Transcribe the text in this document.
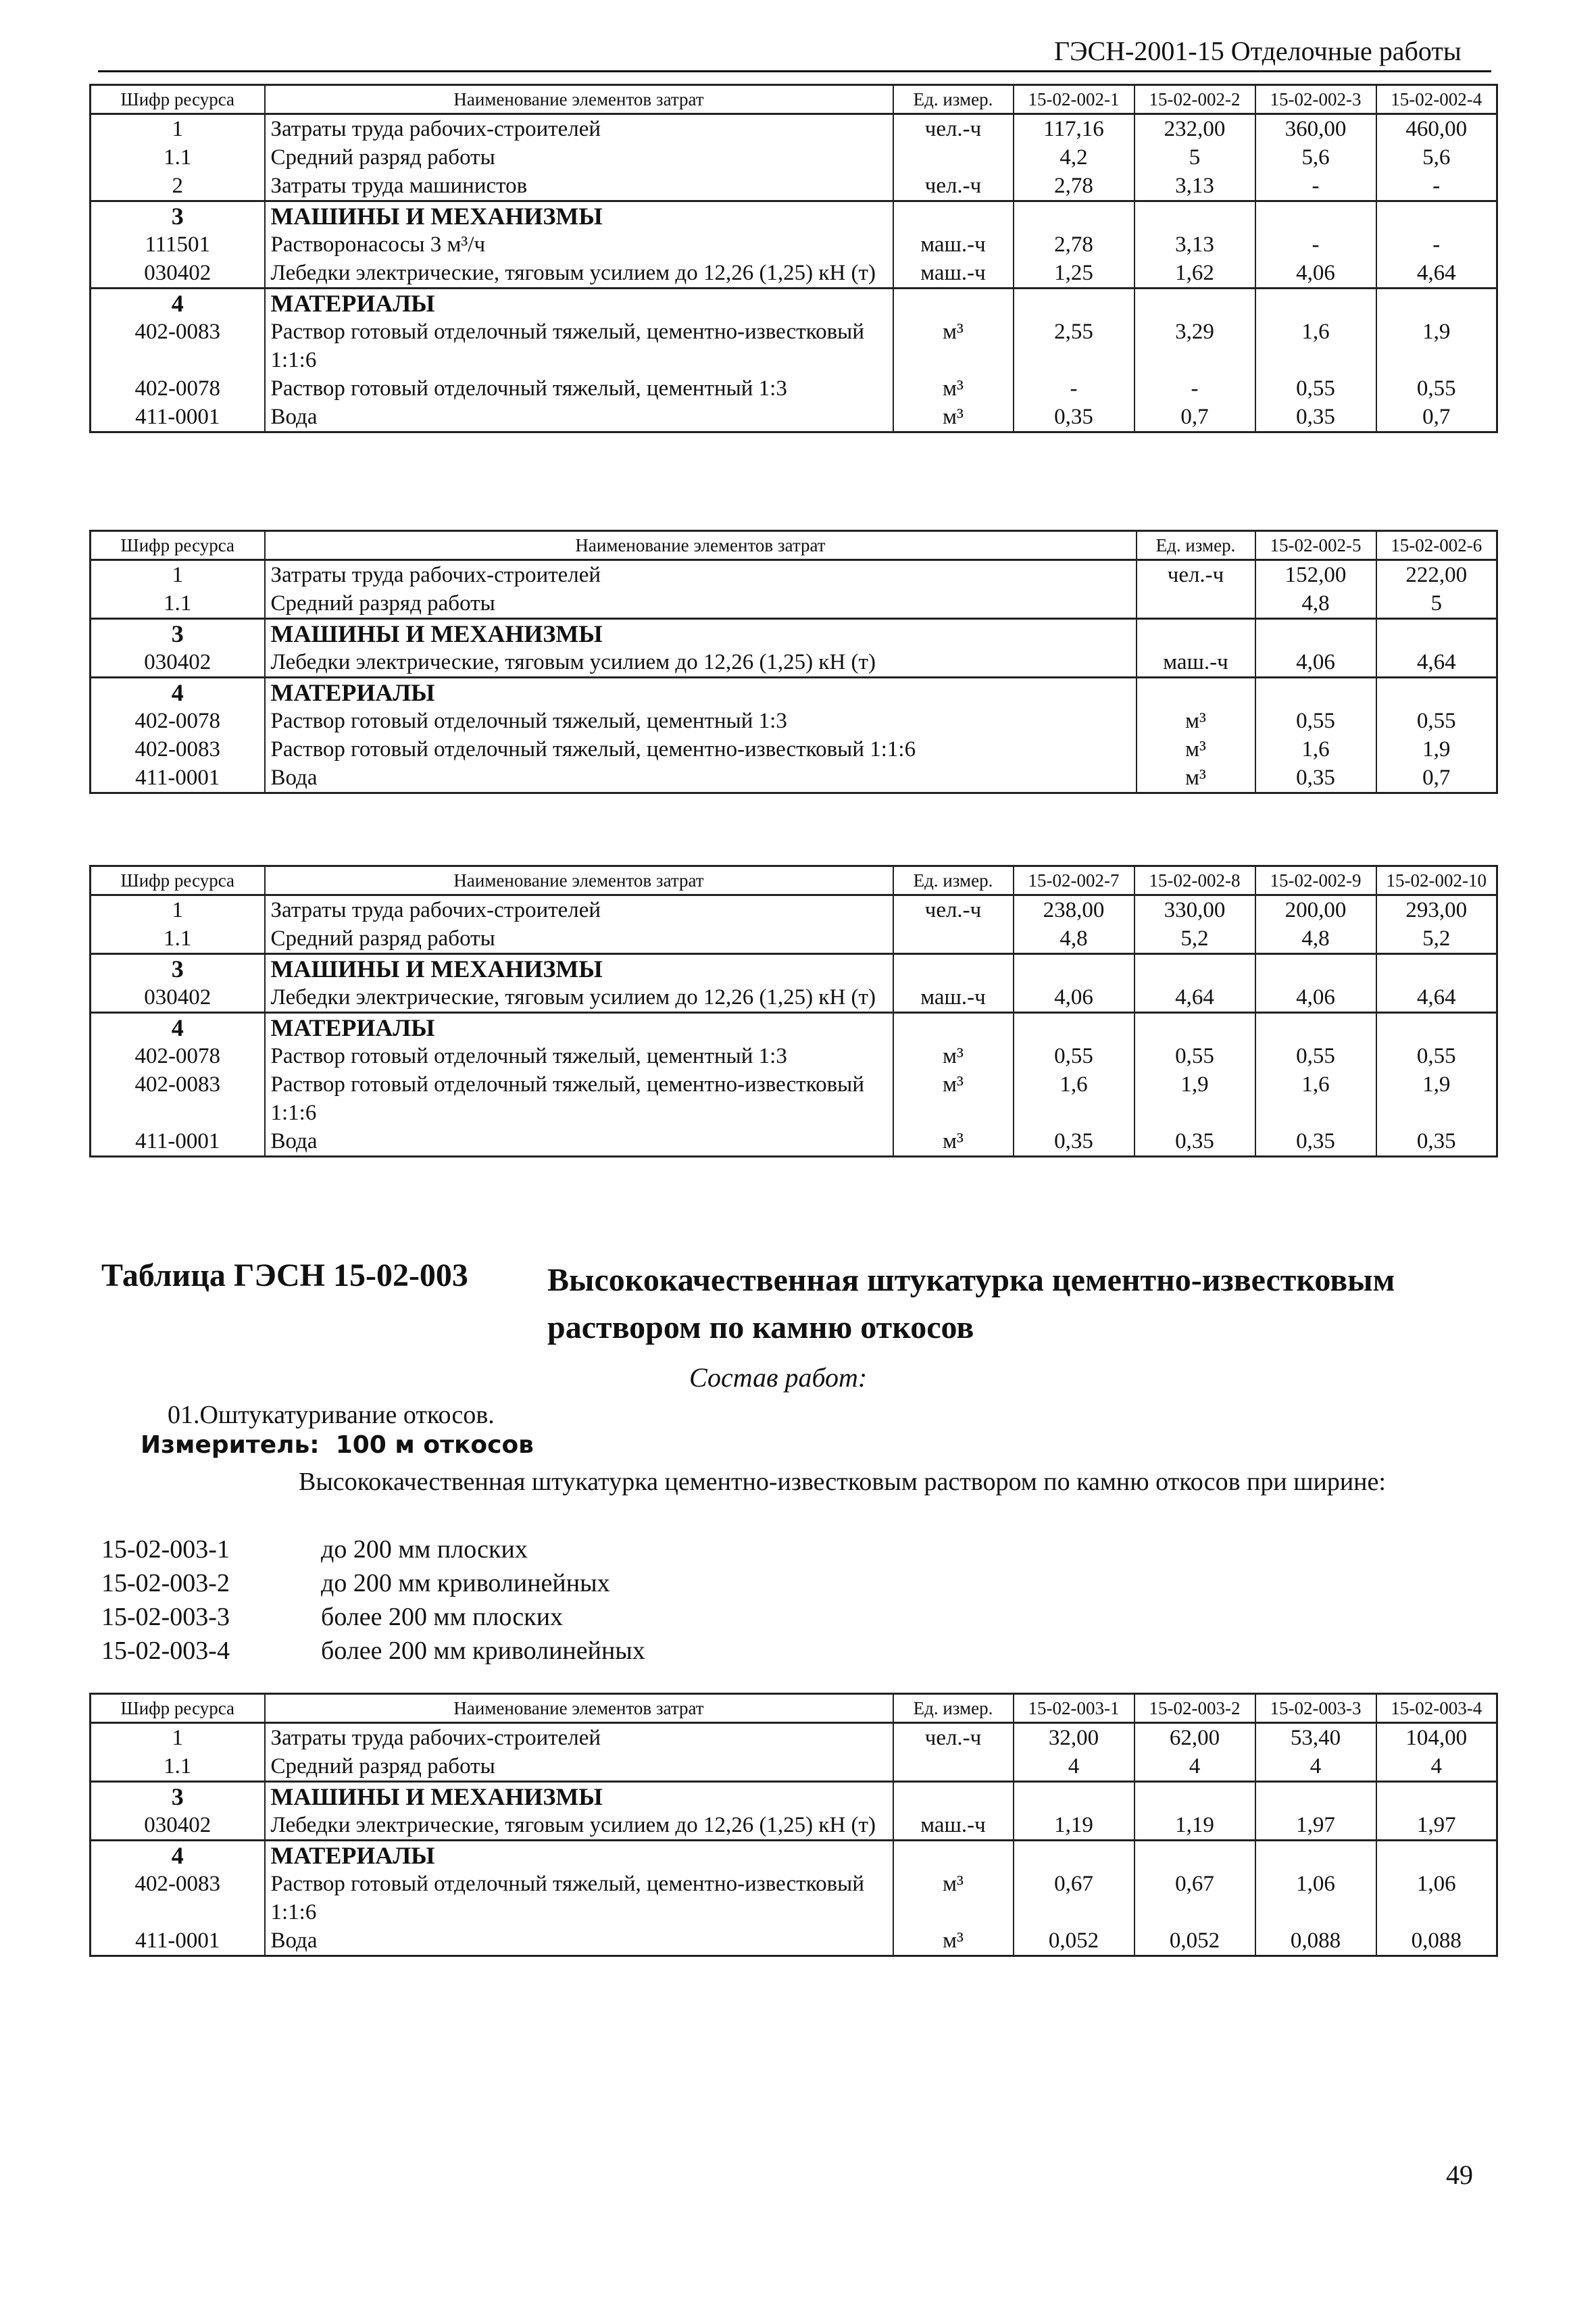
ГЭСН-2001-15 Отделочные работы
Шифр ресурса	Наименование элементов затрат	Ед. измер.	15-02-002-1	15-02-002-2	15-02-002-3	15-02-002-4
1	Затраты труда рабочих-строителей	чел.-ч	117,16	232,00	360,00	460,00
1.1	Средний разряд работы		4,2	5	5,6	5,6
2	Затраты труда машинистов	чел.-ч	2,78	3,13	-	-
3	МАШИНЫ И МЕХАНИЗМЫ					
111501	Растворонасосы 3 м³/ч	маш.-ч	2,78	3,13	-	-
030402	Лебедки электрические, тяговым усилием до 12,26 (1,25) кН (т)	маш.-ч	1,25	1,62	4,06	4,64
4	МАТЕРИАЛЫ					
402-0083	Раствор готовый отделочный тяжелый, цементно-известковый 1:1:6	м³	2,55	3,29	1,6	1,9
402-0078	Раствор готовый отделочный тяжелый, цементный 1:3	м³	-	-	0,55	0,55
411-0001	Вода	м³	0,35	0,7	0,35	0,7
Шифр ресурса	Наименование элементов затрат	Ед. измер.	15-02-002-5	15-02-002-6
1	Затраты труда рабочих-строителей	чел.-ч	152,00	222,00
1.1	Средний разряд работы		4,8	5
3	МАШИНЫ И МЕХАНИЗМЫ			
030402	Лебедки электрические, тяговым усилием до 12,26 (1,25) кН (т)	маш.-ч	4,06	4,64
4	МАТЕРИАЛЫ			
402-0078	Раствор готовый отделочный тяжелый, цементный 1:3	м³	0,55	0,55
402-0083	Раствор готовый отделочный тяжелый, цементно-известковый 1:1:6	м³	1,6	1,9
411-0001	Вода	м³	0,35	0,7
Шифр ресурса	Наименование элементов затрат	Ед. измер.	15-02-002-7	15-02-002-8	15-02-002-9	15-02-002-10
1	Затраты труда рабочих-строителей	чел.-ч	238,00	330,00	200,00	293,00
1.1	Средний разряд работы		4,8	5,2	4,8	5,2
3	МАШИНЫ И МЕХАНИЗМЫ					
030402	Лебедки электрические, тяговым усилием до 12,26 (1,25) кН (т)	маш.-ч	4,06	4,64	4,06	4,64
4	МАТЕРИАЛЫ					
402-0078	Раствор готовый отделочный тяжелый, цементный 1:3	м³	0,55	0,55	0,55	0,55
402-0083	Раствор готовый отделочный тяжелый, цементно-известковый 1:1:6	м³	1,6	1,9	1,6	1,9
411-0001	Вода	м³	0,35	0,35	0,35	0,35
Таблица ГЭСН 15-02-003 Высококачественная штукатурка цементно-известковым раствором по камню откосов
Состав работ:
01.Оштукатуривание откосов.
Измеритель: 100 м откосов
Высококачественная штукатурка цементно-известковым раствором по камню откосов при ширине:
15-02-003-1	до 200 мм плоских
15-02-003-2	до 200 мм криволинейных
15-02-003-3	более 200 мм плоских
15-02-003-4	более 200 мм криволинейных
Шифр ресурса	Наименование элементов затрат	Ед. измер.	15-02-003-1	15-02-003-2	15-02-003-3	15-02-003-4
1	Затраты труда рабочих-строителей	чел.-ч	32,00	62,00	53,40	104,00
1.1	Средний разряд работы		4	4	4	4
3	МАШИНЫ И МЕХАНИЗМЫ					
030402	Лебедки электрические, тяговым усилием до 12,26 (1,25) кН (т)	маш.-ч	1,19	1,19	1,97	1,97
4	МАТЕРИАЛЫ					
402-0083	Раствор готовый отделочный тяжелый, цементно-известковый 1:1:6	м³	0,67	0,67	1,06	1,06
411-0001	Вода	м³	0,052	0,052	0,088	0,088
49
